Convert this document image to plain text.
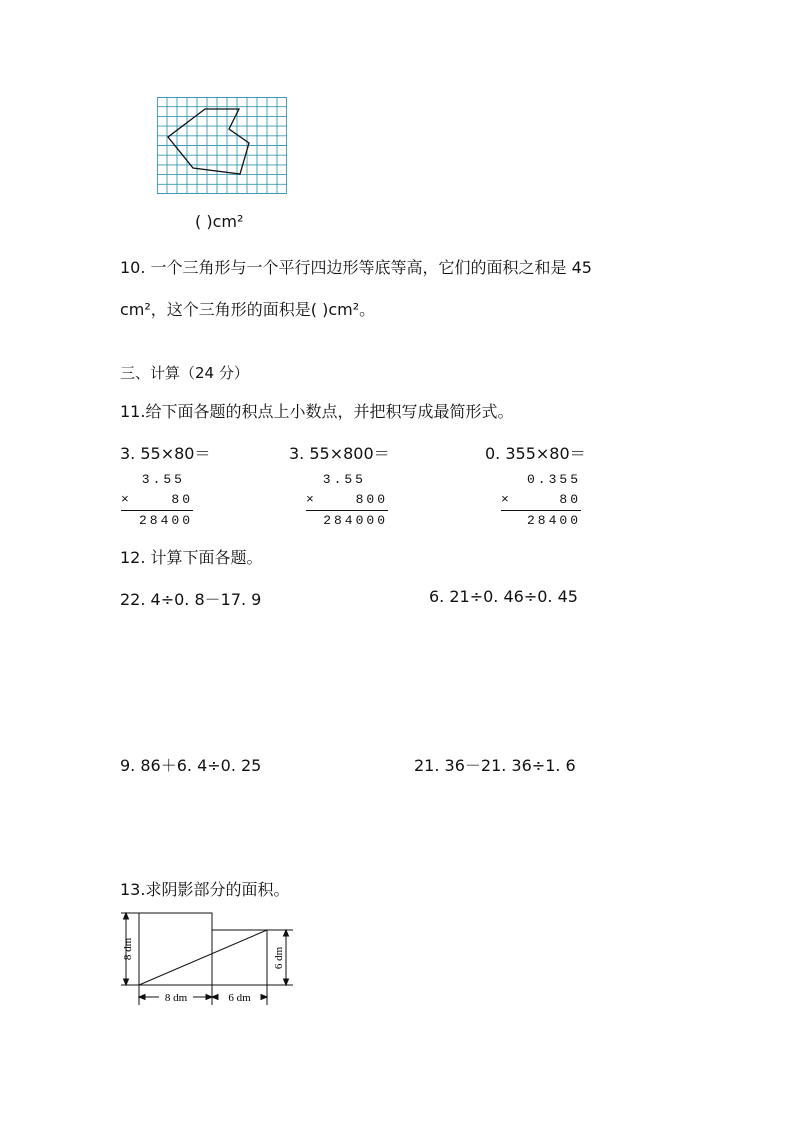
( )cm²
10. 一个三角形与一个平行四边形等底等高，它们的面积之和是 45
cm²，这个三角形的面积是( )cm²。
三、计算（24 分）
11.给下面各题的积点上小数点，并把积写成最简形式。
3. 55×80＝	3. 55×800＝	0. 355×80＝
3.55
×	80
28400
3.55
×	800
284000
0.355
×	80
28400
12. 计算下面各题。
22. 4÷0. 8－17. 9	6. 21÷0. 46÷0. 45
9. 86＋6. 4÷0. 25	21. 36－21. 36÷1. 6
13.求阴影部分的面积。
8 dm	6 dm
8 dm	6 dm
